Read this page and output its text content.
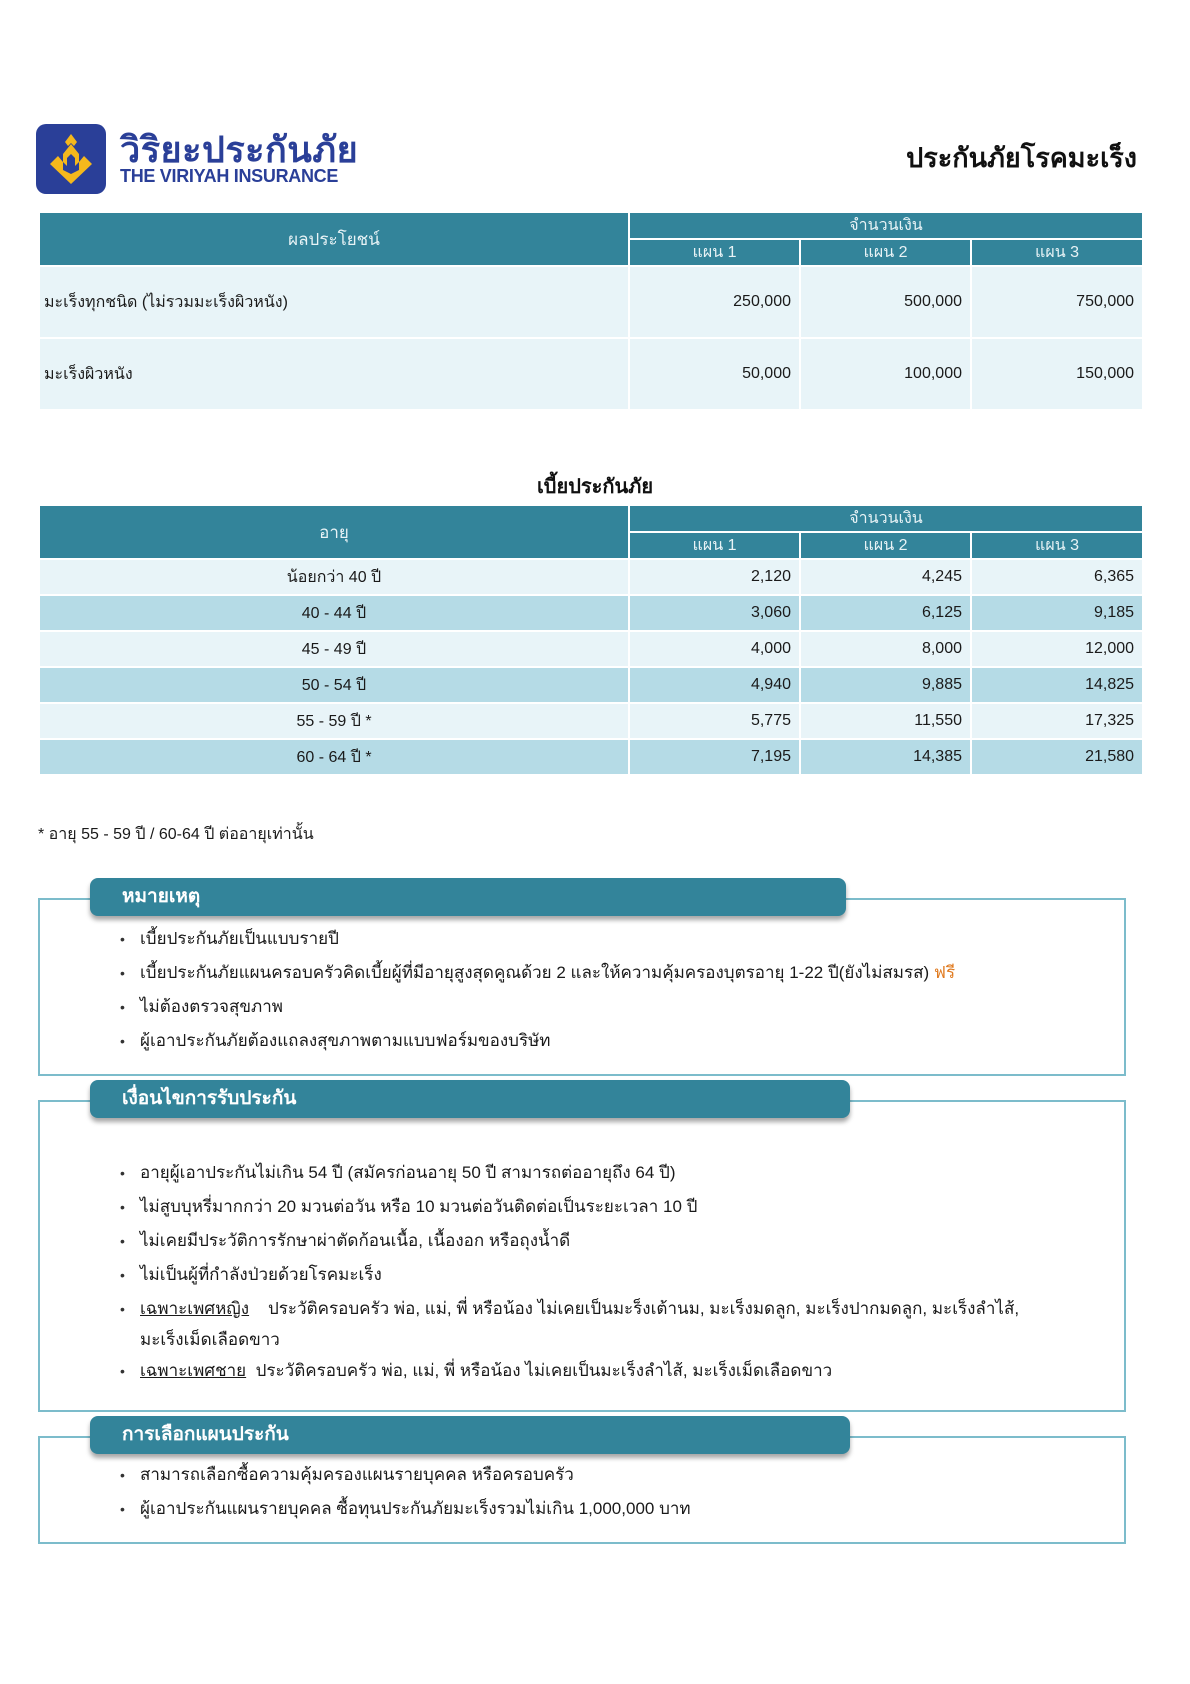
วิริยะประกันภัย
THE VIRIYAH INSURANCE
ประกันภัยโรคมะเร็ง
ผลประโยชน์	จำนวนเงิน		
	แผน 1	แผน 2	แผน 3
มะเร็งทุกชนิด (ไม่รวมมะเร็งผิวหนัง)	250,000	500,000	750,000
มะเร็งผิวหนัง	50,000	100,000	150,000
เบี้ยประกันภัย
อายุ	จำนวนเงิน		
	แผน 1	แผน 2	แผน 3
น้อยกว่า 40 ปี	2,120	4,245	6,365
40 - 44 ปี	3,060	6,125	9,185
45 - 49 ปี	4,000	8,000	12,000
50 - 54 ปี	4,940	9,885	14,825
55 - 59 ปี *	5,775	11,550	17,325
60 - 64 ปี *	7,195	14,385	21,580
* อายุ 55 - 59 ปี / 60-64 ปี ต่ออายุเท่านั้น
หมายเหตุ
• เบี้ยประกันภัยเป็นแบบรายปี
• เบี้ยประกันภัยแผนครอบครัวคิดเบี้ยผู้ที่มีอายุสูงสุดคูณด้วย 2 และให้ความคุ้มครองบุตรอายุ 1-22 ปี(ยังไม่สมรส) ฟรี
• ไม่ต้องตรวจสุขภาพ
• ผู้เอาประกันภัยต้องแถลงสุขภาพตามแบบฟอร์มของบริษัท
เงื่อนไขการรับประกัน
• อายุผู้เอาประกันไม่เกิน 54 ปี (สมัครก่อนอายุ 50 ปี สามารถต่ออายุถึง 64 ปี)
• ไม่สูบบุหรี่มากกว่า 20 มวนต่อวัน หรือ 10 มวนต่อวันติดต่อเป็นระยะเวลา 10 ปี
• ไม่เคยมีประวัติการรักษาผ่าตัดก้อนเนื้อ, เนื้องอก หรือถุงน้ำดี
• ไม่เป็นผู้ที่กำลังป่วยด้วยโรคมะเร็ง
• เฉพาะเพศหญิง ประวัติครอบครัว พ่อ, แม่, พี่ หรือน้อง ไม่เคยเป็นมะร็งเต้านม, มะเร็งมดลูก, มะเร็งปากมดลูก, มะเร็งลำไส้,
มะเร็งเม็ดเลือดขาว
• เฉพาะเพศชาย ประวัติครอบครัว พ่อ, แม่, พี่ หรือน้อง ไม่เคยเป็นมะเร็งลำไส้, มะเร็งเม็ดเลือดขาว
การเลือกแผนประกัน
• สามารถเลือกซื้อความคุ้มครองแผนรายบุคคล หรือครอบครัว
• ผู้เอาประกันแผนรายบุคคล ซื้อทุนประกันภัยมะเร็งรวมไม่เกิน 1,000,000 บาท
